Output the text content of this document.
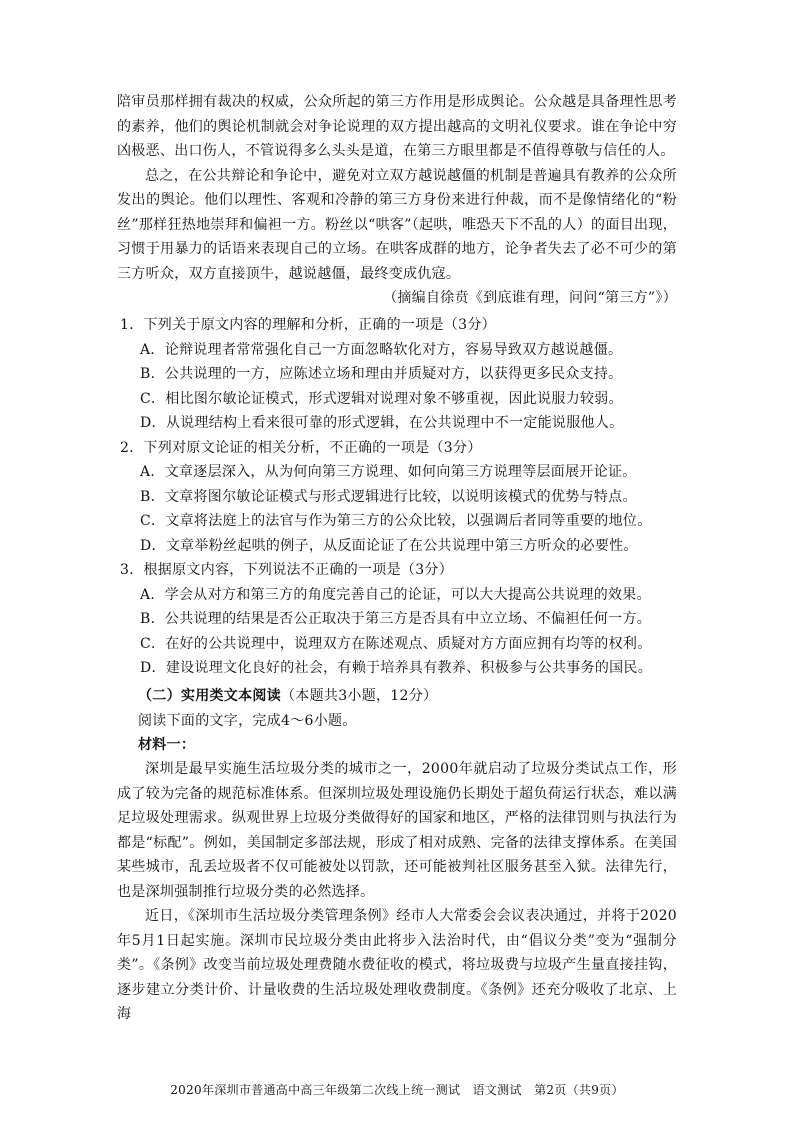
陪审员那样拥有裁决的权威，公众所起的第三方作用是形成舆论。公众越是具备理性思考的素养，他们的舆论机制就会对争论说理的双方提出越高的文明礼仪要求。谁在争论中穷凶极恶、出口伤人，不管说得多么头头是道，在第三方眼里都是不值得尊敬与信任的人。

总之，在公共辩论和争论中，避免对立双方越说越僵的机制是普遍具有教养的公众所发出的舆论。他们以理性、客观和冷静的第三方身份来进行仲裁，而不是像情绪化的“粉丝”那样狂热地崇拜和偏袒一方。粉丝以“哄客”（起哄，唯恐天下不乱的人）的面目出现，习惯于用暴力的话语来表现自己的立场。在哄客成群的地方，论争者失去了必不可少的第三方听众，双方直接顶牛，越说越僵，最终变成仇寇。

（摘编自徐贲《到底谁有理，问问“第三方”》）

1．下列关于原文内容的理解和分析，正确的一项是（3分）

A．论辩说理者常常强化自己一方面忽略软化对方，容易导致双方越说越僵。

B．公共说理的一方，应陈述立场和理由并质疑对方，以获得更多民众支持。

C．相比图尔敏论证模式，形式逻辑对说理对象不够重视，因此说服力较弱。

D．从说理结构上看来很可靠的形式逻辑，在公共说理中不一定能说服他人。

2．下列对原文论证的相关分析，不正确的一项是（3分）

A．文章逐层深入，从为何向第三方说理、如何向第三方说理等层面展开论证。

B．文章将图尔敏论证模式与形式逻辑进行比较，以说明该模式的优势与特点。

C．文章将法庭上的法官与作为第三方的公众比较，以强调后者同等重要的地位。

D．文章举粉丝起哄的例子，从反面论证了在公共说理中第三方听众的必要性。

3．根据原文内容，下列说法不正确的一项是（3分）

A．学会从对方和第三方的角度完善自己的论证，可以大大提高公共说理的效果。

B．公共说理的结果是否公正取决于第三方是否具有中立立场、不偏袒任何一方。

C．在好的公共说理中，说理双方在陈述观点、质疑对方方面应拥有均等的权利。

D．建设说理文化良好的社会，有赖于培养具有教养、积极参与公共事务的国民。

（二）实用类文本阅读（本题共3小题，12分）

阅读下面的文字，完成4～6小题。

材料一：

深圳是最早实施生活垃圾分类的城市之一，2000年就启动了垃圾分类试点工作，形成了较为完备的规范标准体系。但深圳垃圾处理设施仍长期处于超负荷运行状态，难以满足垃圾处理需求。纵观世界上垃圾分类做得好的国家和地区，严格的法律罚则与执法行为都是“标配”。例如，美国制定多部法规，形成了相对成熟、完备的法律支撑体系。在美国某些城市，乱丢垃圾者不仅可能被处以罚款，还可能被判社区服务甚至入狱。法律先行，也是深圳强制推行垃圾分类的必然选择。

近日，《深圳市生活垃圾分类管理条例》经市人大常委会会议表决通过，并将于2020年5月1日起实施。深圳市民垃圾分类由此将步入法治时代，由“倡议分类”变为“强制分类”。《条例》改变当前垃圾处理费随水费征收的模式，将垃圾费与垃圾产生量直接挂钩，逐步建立分类计价、计量收费的生活垃圾处理收费制度。《条例》还充分吸收了北京、上海

2020年深圳市普通高中高三年级第二次线上统一测试　语文测试　第2页（共9页）
